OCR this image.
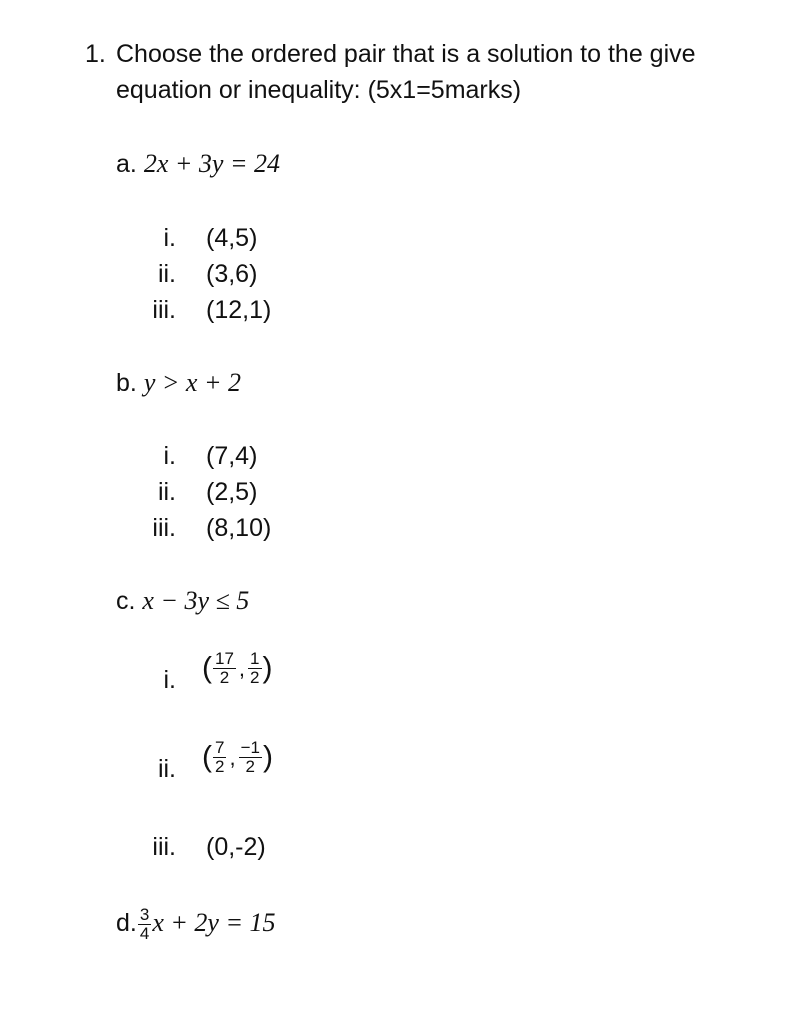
1. Choose the ordered pair that is a solution to the give
equation or inequality: (5x1=5marks)
a. 2x + 3y = 24
i. (4,5)
ii. (3,6)
iii. (12,1)
b. y > x + 2
i. (7,4)
ii. (2,5)
iii. (8,10)
c. x − 3y ≤ 5
i. ( $\frac{17}{2}$ , $\frac{1}{2}$ )
ii. ( $\frac{7}{2}$ , $\frac{-1}{2}$ )
iii. (0,-2)
d. $\frac{3}{4}$ x + 2y = 15
